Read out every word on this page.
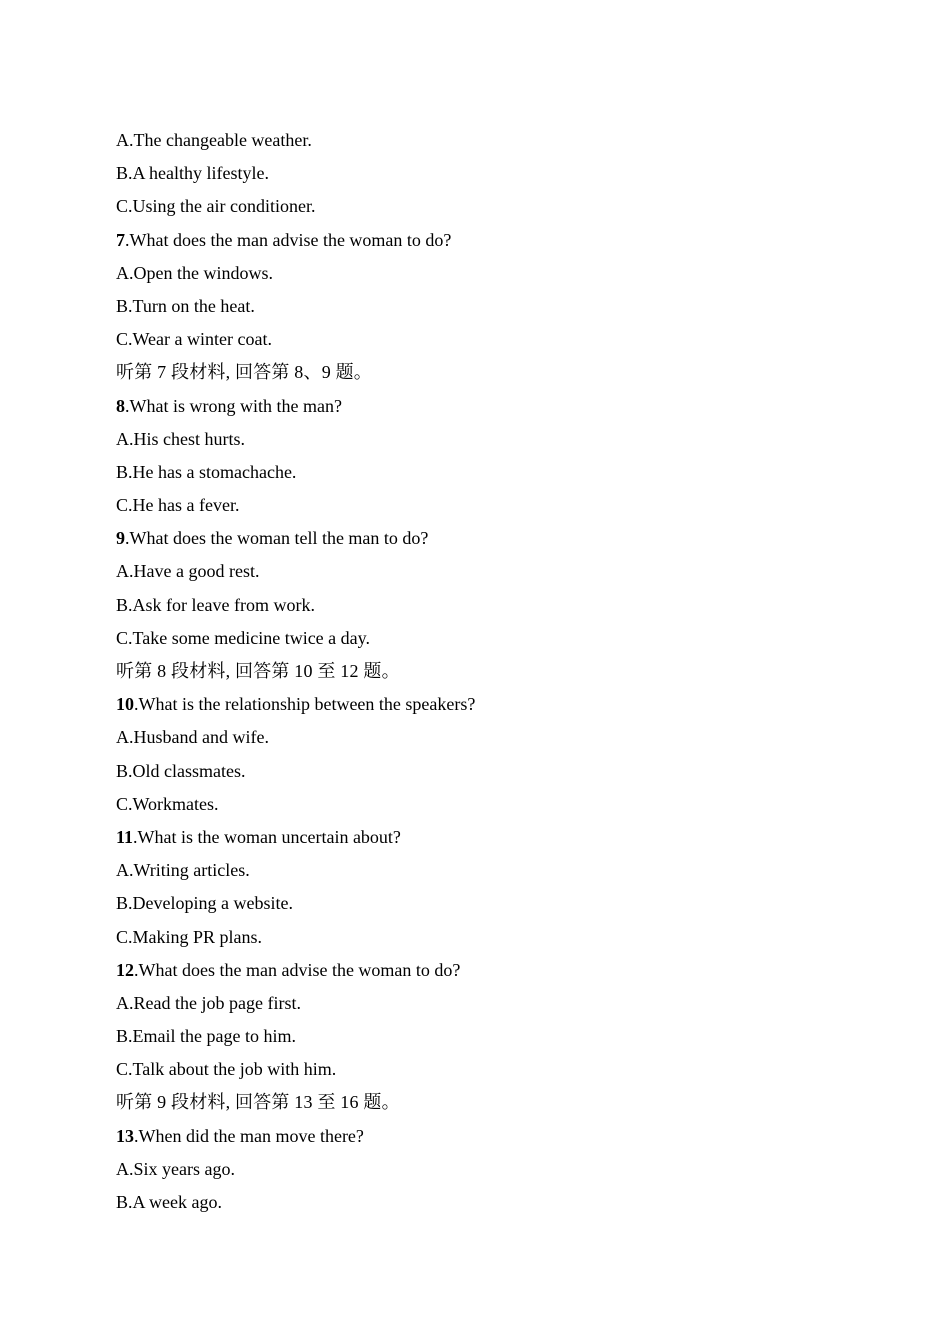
A.The changeable weather.
B.A healthy lifestyle.
C.Using the air conditioner.
7.What does the man advise the woman to do?
A.Open the windows.
B.Turn on the heat.
C.Wear a winter coat.
听第 7 段材料, 回答第 8、9 题。
8.What is wrong with the man?
A.His chest hurts.
B.He has a stomachache.
C.He has a fever.
9.What does the woman tell the man to do?
A.Have a good rest.
B.Ask for leave from work.
C.Take some medicine twice a day.
听第 8 段材料, 回答第 10 至 12 题。
10.What is the relationship between the speakers?
A.Husband and wife.
B.Old classmates.
C.Workmates.
11.What is the woman uncertain about?
A.Writing articles.
B.Developing a website.
C.Making PR plans.
12.What does the man advise the woman to do?
A.Read the job page first.
B.Email the page to him.
C.Talk about the job with him.
听第 9 段材料, 回答第 13 至 16 题。
13.When did the man move there?
A.Six years ago.
B.A week ago.
